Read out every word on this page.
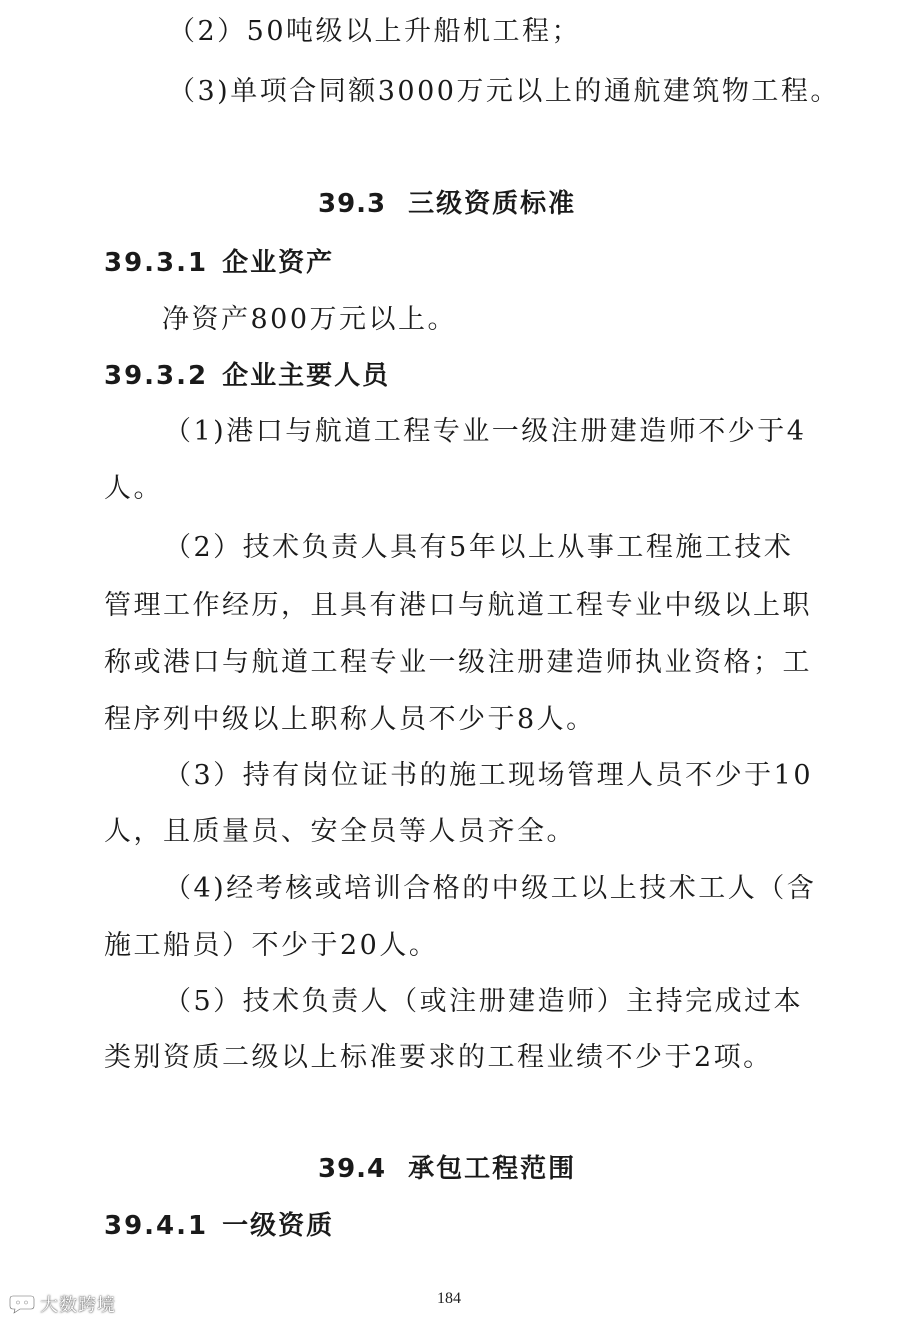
（2）50吨级以上升船机工程；
（3)单项合同额3000万元以上的通航建筑物工程。
39.3 三级资质标准
39.3.1 企业资产
净资产800万元以上。
39.3.2 企业主要人员
（1)港口与航道工程专业一级注册建造师不少于4
人。
（2）技术负责人具有5年以上从事工程施工技术
管理工作经历，且具有港口与航道工程专业中级以上职
称或港口与航道工程专业一级注册建造师执业资格；工
程序列中级以上职称人员不少于8人。
（3）持有岗位证书的施工现场管理人员不少于10
人，且质量员、安全员等人员齐全。
（4)经考核或培训合格的中级工以上技术工人（含
施工船员）不少于20人。
（5）技术负责人（或注册建造师）主持完成过本
类别资质二级以上标准要求的工程业绩不少于2项。
39.4 承包工程范围
39.4.1 一级资质
184
大数跨境
